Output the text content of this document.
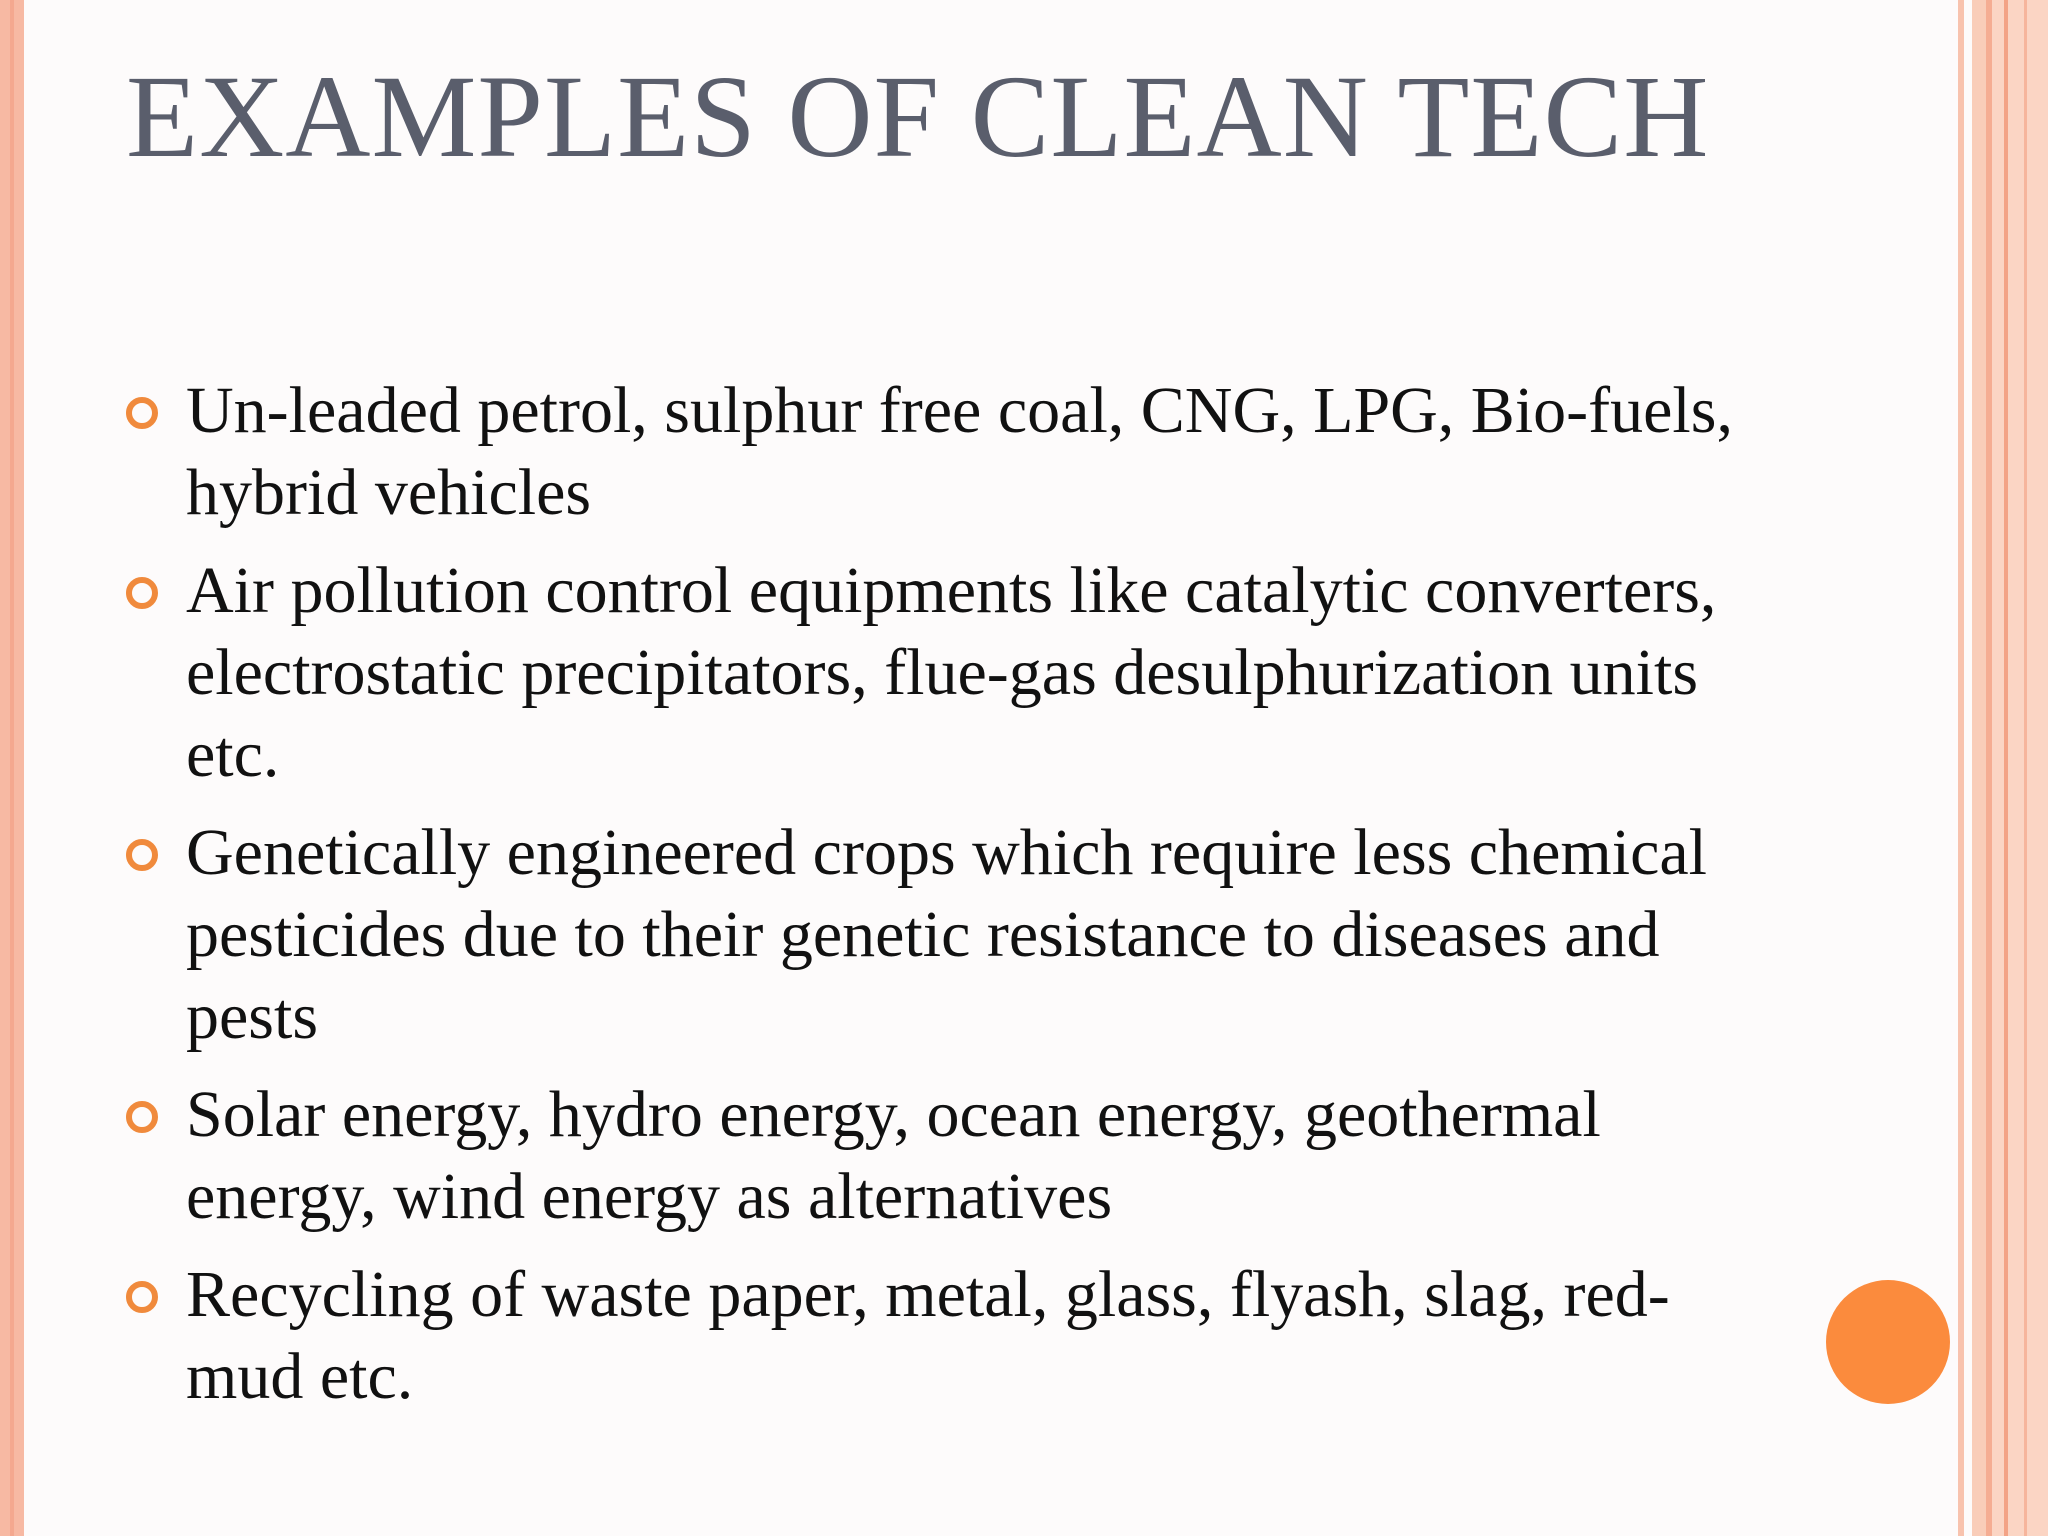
EXAMPLES OF CLEAN TECH
Un-leaded petrol, sulphur free coal, CNG, LPG, Bio-fuels, hybrid vehicles
Air pollution control equipments like catalytic converters, electrostatic precipitators, flue-gas desulphurization units etc.
Genetically engineered crops which require less chemical pesticides due to their genetic resistance to diseases and pests
Solar energy, hydro energy, ocean energy, geothermal energy, wind energy as alternatives
Recycling of waste paper, metal, glass, flyash, slag, red-mud etc.
